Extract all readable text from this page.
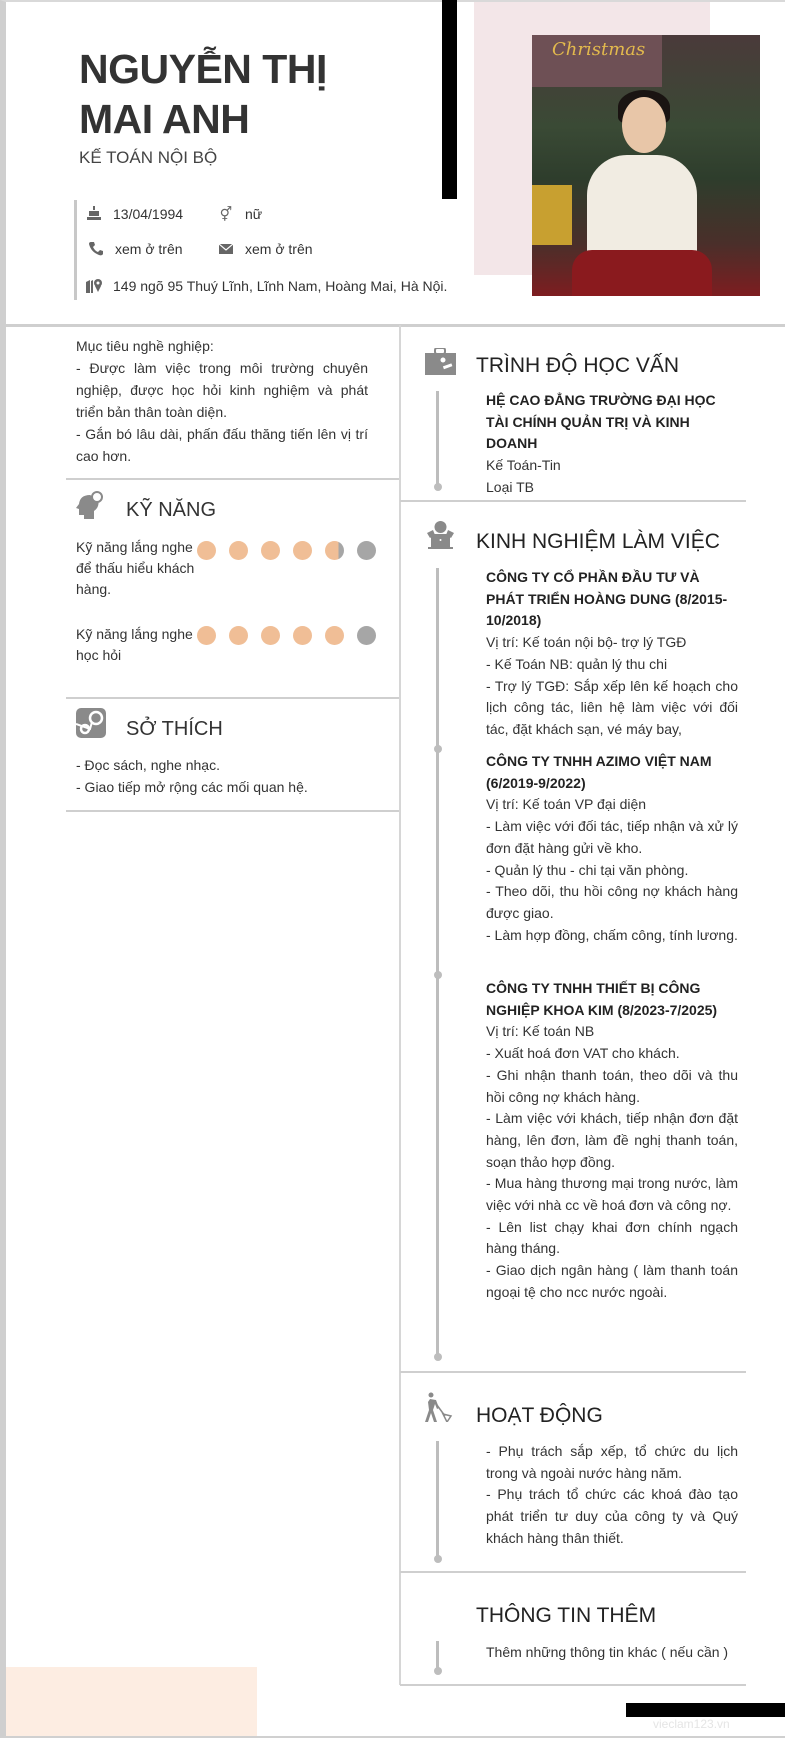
NGUYỄN THỊ MAI ANH
KẾ TOÁN NỘI BỘ
Christmas
13/04/1994	⚥ nữ
xem ở trên	xem ở trên
149 ngõ 95 Thuý Lĩnh, Lĩnh Nam, Hoàng Mai, Hà Nội.
Mục tiêu nghề nghiệp:
- Được làm việc trong môi trường chuyên nghiệp, được học hỏi kinh nghiệm và phát triển bản thân toàn diện.
- Gắn bó lâu dài, phấn đấu thăng tiến lên vị trí cao hơn.
KỸ NĂNG
Kỹ năng lắng nghe để thấu hiểu khách hàng.
Kỹ năng lắng nghe học hỏi
SỞ THÍCH
- Đọc sách, nghe nhạc.
- Giao tiếp mở rộng các mối quan hệ.
TRÌNH ĐỘ HỌC VẤN
HỆ CAO ĐẲNG TRƯỜNG ĐẠI HỌC TÀI CHÍNH QUẢN TRỊ VÀ KINH DOANH
Kế Toán-Tin
Loại TB
KINH NGHIỆM LÀM VIỆC
CÔNG TY CỔ PHẦN ĐẦU TƯ VÀ PHÁT TRIỂN HOÀNG DUNG (8/2015-10/2018)
Vị trí: Kế toán nội bộ- trợ lý TGĐ
- Kế Toán NB: quản lý thu chi
- Trợ lý TGĐ: Sắp xếp lên kế hoạch cho lịch công tác, liên hệ làm việc với đối tác, đặt khách sạn, vé máy bay,
CÔNG TY TNHH AZIMO VIỆT NAM (6/2019-9/2022)
Vị trí: Kế toán VP đại diện
- Làm việc với đối tác, tiếp nhận và xử lý đơn đặt hàng gửi về kho.
- Quản lý thu - chi tại văn phòng.
- Theo dõi, thu hồi công nợ khách hàng được giao.
- Làm hợp đồng, chấm công, tính lương.
CÔNG TY TNHH THIẾT BỊ CÔNG NGHIỆP KHOA KIM (8/2023-7/2025)
Vị trí: Kế toán NB
- Xuất hoá đơn VAT cho khách.
- Ghi nhận thanh toán, theo dõi và thu hồi công nợ khách hàng.
- Làm việc với khách, tiếp nhận đơn đặt hàng, lên đơn, làm đề nghị thanh toán, soạn thảo hợp đồng.
- Mua hàng thương mại trong nước, làm việc với nhà cc về hoá đơn và công nợ.
- Lên list chạy khai đơn chính ngạch hàng tháng.
- Giao dịch ngân hàng ( làm thanh toán ngoại tệ cho ncc nước ngoài.
HOẠT ĐỘNG
- Phụ trách sắp xếp, tổ chức du lịch trong và ngoài nước hàng năm.
- Phụ trách tổ chức các khoá đào tạo phát triển tư duy của công ty và Quý khách hàng thân thiết.
THÔNG TIN THÊM
Thêm những thông tin khác ( nếu cần )
vieclam123.vn
